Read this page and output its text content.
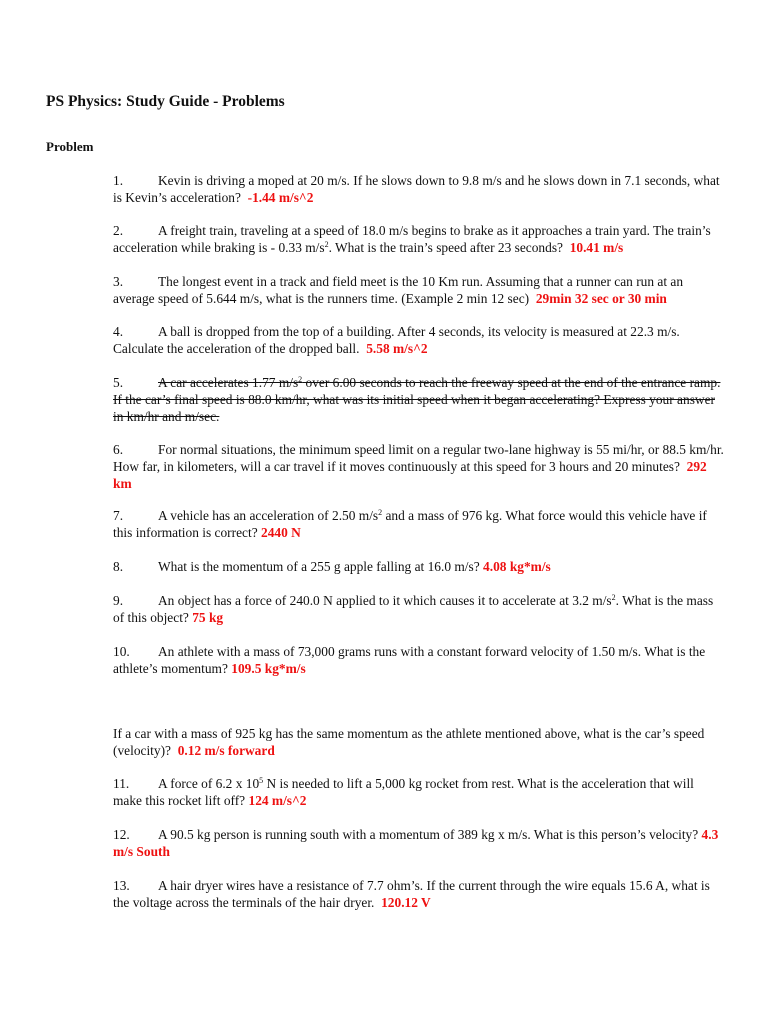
PS Physics: Study Guide - Problems
Problem
1.	Kevin is driving a moped at 20 m/s. If he slows down to 9.8 m/s and he slows down in 7.1 seconds, what is Kevin’s acceleration? -1.44 m/s^2
2.	A freight train, traveling at a speed of 18.0 m/s begins to brake as it approaches a train yard. The train’s acceleration while braking is - 0.33 $m/s^2$. What is the train’s speed after 23 seconds? 10.41 m/s
3.	The longest event in a track and field meet is the 10 Km run. Assuming that a runner can run at an average speed of 5.644 m/s, what is the runners time. (Example 2 min 12 sec) 29min 32 sec or 30 min
4.	A ball is dropped from the top of a building. After 4 seconds, its velocity is measured at 22.3 m/s. Calculate the acceleration of the dropped ball. 5.58 m/s^2
5.	A car accelerates 1.77 $m/s^2$ over 6.00 seconds to reach the freeway speed at the end of the entrance ramp. If the car’s final speed is 88.0 km/hr, what was its initial speed when it began accelerating? Express your answer in km/hr and m/sec.
6.	For normal situations, the minimum speed limit on a regular two-lane highway is 55 mi/hr, or 88.5 km/hr. How far, in kilometers, will a car travel if it moves continuously at this speed for 3 hours and 20 minutes? 292 km
7.	A vehicle has an acceleration of 2.50 $m/s^2$ and a mass of 976 kg. What force would this vehicle have if this information is correct? 2440 N
8.	What is the momentum of a 255 g apple falling at 16.0 m/s? 4.08 kg*m/s
9.	An object has a force of 240.0 N applied to it which causes it to accelerate at 3.2 $m/s^2$. What is the mass of this object? 75 kg
10. An athlete with a mass of 73,000 grams runs with a constant forward velocity of 1.50 m/s. What is the athlete’s momentum? 109.5 kg*m/s
If a car with a mass of 925 kg has the same momentum as the athlete mentioned above, what is the car’s speed (velocity)? 0.12 m/s forward
11. A force of 6.2 x $10^5$ N is needed to lift a 5,000 kg rocket from rest. What is the acceleration that will make this rocket lift off? 124 m/s^2
12. A 90.5 kg person is running south with a momentum of 389 kg x m/s. What is this person’s velocity? 4.3 m/s South
13. A hair dryer wires have a resistance of 7.7 ohm’s. If the current through the wire equals 15.6 A, what is the voltage across the terminals of the hair dryer. 120.12 V
